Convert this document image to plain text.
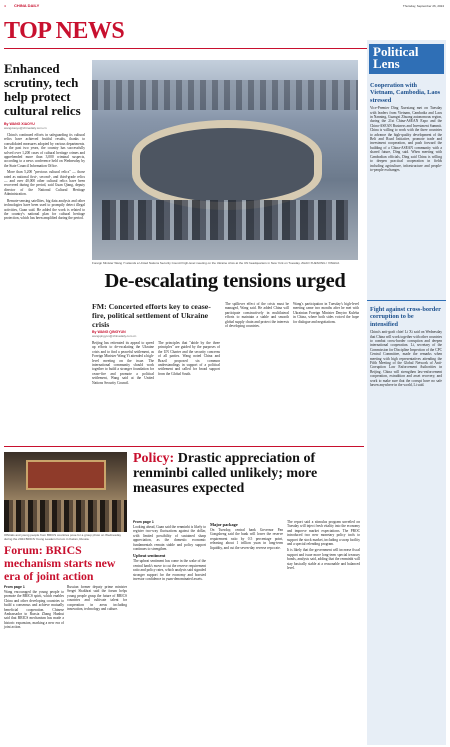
4 CHINA DAILY	Thursday, September 26, 2024
TOP NEWS
Enhanced scrutiny, tech help protect cultural relics
By WANG XIAOYU
wangxiaoyu@chinadaily.com.cn

China's continued efforts in safeguarding its cultural relics have achieved fruitful results, thanks to consolidated measures adopted by various departments. In the past two years, the country has successfully solved over 1,200 cases of cultural heritage crimes and apprehended more than 3,000 criminal suspects, according to a news conference held on Wednesday by the State Council Information Office.

More than 5,200 "precious cultural relics" — those rated as national first-, second-, and third-grade relics — and over 40,000 other cultural relics have been recovered during the period, said Guan Qiang, deputy director of the National Cultural Heritage Administration.

Remote-sensing satellites, big data analysis and other technologies have been used to promptly detect illegal activities, Guan said. He added the work is related to the country's national plan for cultural heritage protection, which has been amplified during the period.

Foreign Minister Wang Yi attends a United Nations Security Council high-level meeting on the Ukraine crisis at the UN headquarters in New York on Tuesday. ZHAO XUESONG / XINHUA
De-escalating tensions urged
FM: Concerted efforts key to cease-fire, political settlement of Ukraine crisis
By WANG QINGYUN
wangqingyun@chinadaily.com.cn
Beijing has reiterated its appeal to speed up efforts to de-escalating the Ukraine crisis and to find a peaceful settlement, as Foreign Minister Wang Yi attended a high-level meeting on the issue. The international community should work together to build a stronger foundation for cease-fire and promote a political settlement, Wang said at the United Nations Security Council.
The principles that "abide by the three principles" are guided by the purposes of the UN Charter and the security concerns of all parties. Wang noted China and Brazil proposed six common understandings in support of a political settlement and called for broad support from the Global South.
The spillover effect of the crisis must be managed, Wang said. He added China will participate constructively in multilateral efforts to maintain a stable and smooth global supply chain and protect the interests of developing countries.
Wang's participation in Tuesday's high-level meeting came two months after he met with Ukrainian Foreign Minister Dmytro Kuleba in China, where both sides voiced the hope for dialogue and negotiations.
Officials and young people from BRICS countries pose for a group photo on Wednesday during the 2024 BRICS Young Leaders Forum in Kazan, Russia.
Forum: BRICS mechanism starts new era of joint action
From page 1
Wang encouraged the young people to promote the BRICS spirit, which enables China and other developing countries to build a consensus and achieve mutually beneficial cooperation. Chinese Ambassador to Russia Zhang Hanhui said that BRICS mechanism has made a historic expansion, marking a new era of joint action.
Russian former deputy prime minister Sergei Shakhrai said the forum helps young people grasp the future of BRICS countries and cultivate talent for cooperation in areas including innovation, technology and culture.
Policy: Drastic appreciation of renminbi called unlikely; more measures expected
From page 1
Looking ahead, Guan said the renminbi is likely to register two-way fluctuations against the dollar, with limited possibility of sustained sharp appreciation, as the domestic economic fundamentals remain stable and policy support continues to strengthen.
Upbeat sentiment
The upbeat sentiment has come in the wake of the central bank's move to cut the reserve requirement ratio and policy rates, which analysts said signaled stronger support for the economy and boosted investor confidence in yuan-denominated assets.
Major package
On Tuesday, central bank Governor Pan Gongsheng said the bank will lower the reserve requirement ratio by 0.5 percentage point, releasing about 1 trillion yuan in long-term liquidity, and cut the seven-day reverse repo rate.
The report said a stimulus program unveiled on Tuesday will inject fresh vitality into the economy and improve market expectations. The PBOC introduced two new monetary policy tools to support the stock market, including a swap facility and a special relending program.
It is likely that the government will increase fiscal support and issue more long-term special treasury bonds, analysts said, adding that the renminbi will stay basically stable at a reasonable and balanced level.
Political
Lens
Cooperation with Vietnam, Cambodia, Laos stressed
Vice-Premier Ding Xuexiang met on Tuesday with leaders from Vietnam, Cambodia and Laos in Nanning, Guangxi Zhuang autonomous region, during the 21st China-ASEAN Expo and the China-ASEAN Business and Investment Summit. China is willing to work with the three countries to advance the high-quality development of the Belt and Road Initiative, promote trade and investment cooperation, and push forward the building of a China-ASEAN community with a shared future, Ding said. When meeting with Cambodian officials, Ding said China is willing to deepen practical cooperation in fields including agriculture, infrastructure and people-to-people exchanges.
Fight against cross-border corruption to be intensified
China's anti-graft chief Li Xi said on Wednesday that China will work together with other countries to combat cross-border corruption and deepen international cooperation. Li, secretary of the Commission for Discipline Inspection of the CPC Central Committee, made the remarks when meeting with high representatives attending the Fifth Meeting of the Global Network of Anti-Corruption Law Enforcement Authorities in Beijing. China will strengthen law-enforcement cooperation, extradition and asset recovery, and work to make sure that the corrupt have no safe haven anywhere in the world, Li said.
